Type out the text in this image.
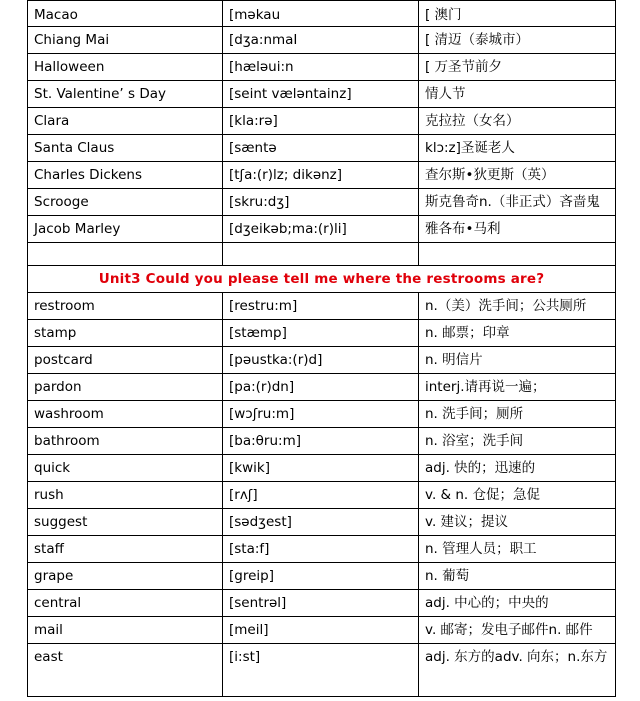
Macao	[məkau	[ 澳门
Chiang Mai	[dʒa:nmaI	[ 清迈（泰城市）
Halloween	[hæləui:n	[ 万圣节前夕
St. Valentine’ s Day	[seint væləntainz]	情人节
Clara	[kla:rə]	克拉拉（女名）
Santa Claus	[sæntə	klɔ:z]圣诞老人
Charles Dickens	[tʃa:(r)lz; dikənz]	查尔斯•狄更斯（英）
Scrooge	[skru:dʒ]	斯克鲁奇n.（非正式）吝啬鬼
Jacob Marley	[dʒeikəb;ma:(r)li]	雅各布•马利

Unit3 Could you please tell me where the restrooms are?		
restroom	[restru:m]	n.（美）洗手间；公共厕所
stamp	[stæmp]	n. 邮票；印章
postcard	[pəustka:(r)d]	n. 明信片
pardon	[pa:(r)dn]	interj.请再说一遍；
washroom	[wɔʃru:m]	n. 洗手间；厕所
bathroom	[ba:θru:m]	n. 浴室；洗手间
quick	[kwik]	adj. 快的；迅速的
rush	[rʌʃ]	v. & n. 仓促；急促
suggest	[sədʒest]	v. 建议；提议
staff	[sta:f]	n. 管理人员；职工
grape	[greip]	n. 葡萄
central	[sentrəl]	adj. 中心的；中央的
mail	[meil]	v. 邮寄；发电子邮件n. 邮件
east	[i:st]	adj. 东方的adv. 向东；n.东方
